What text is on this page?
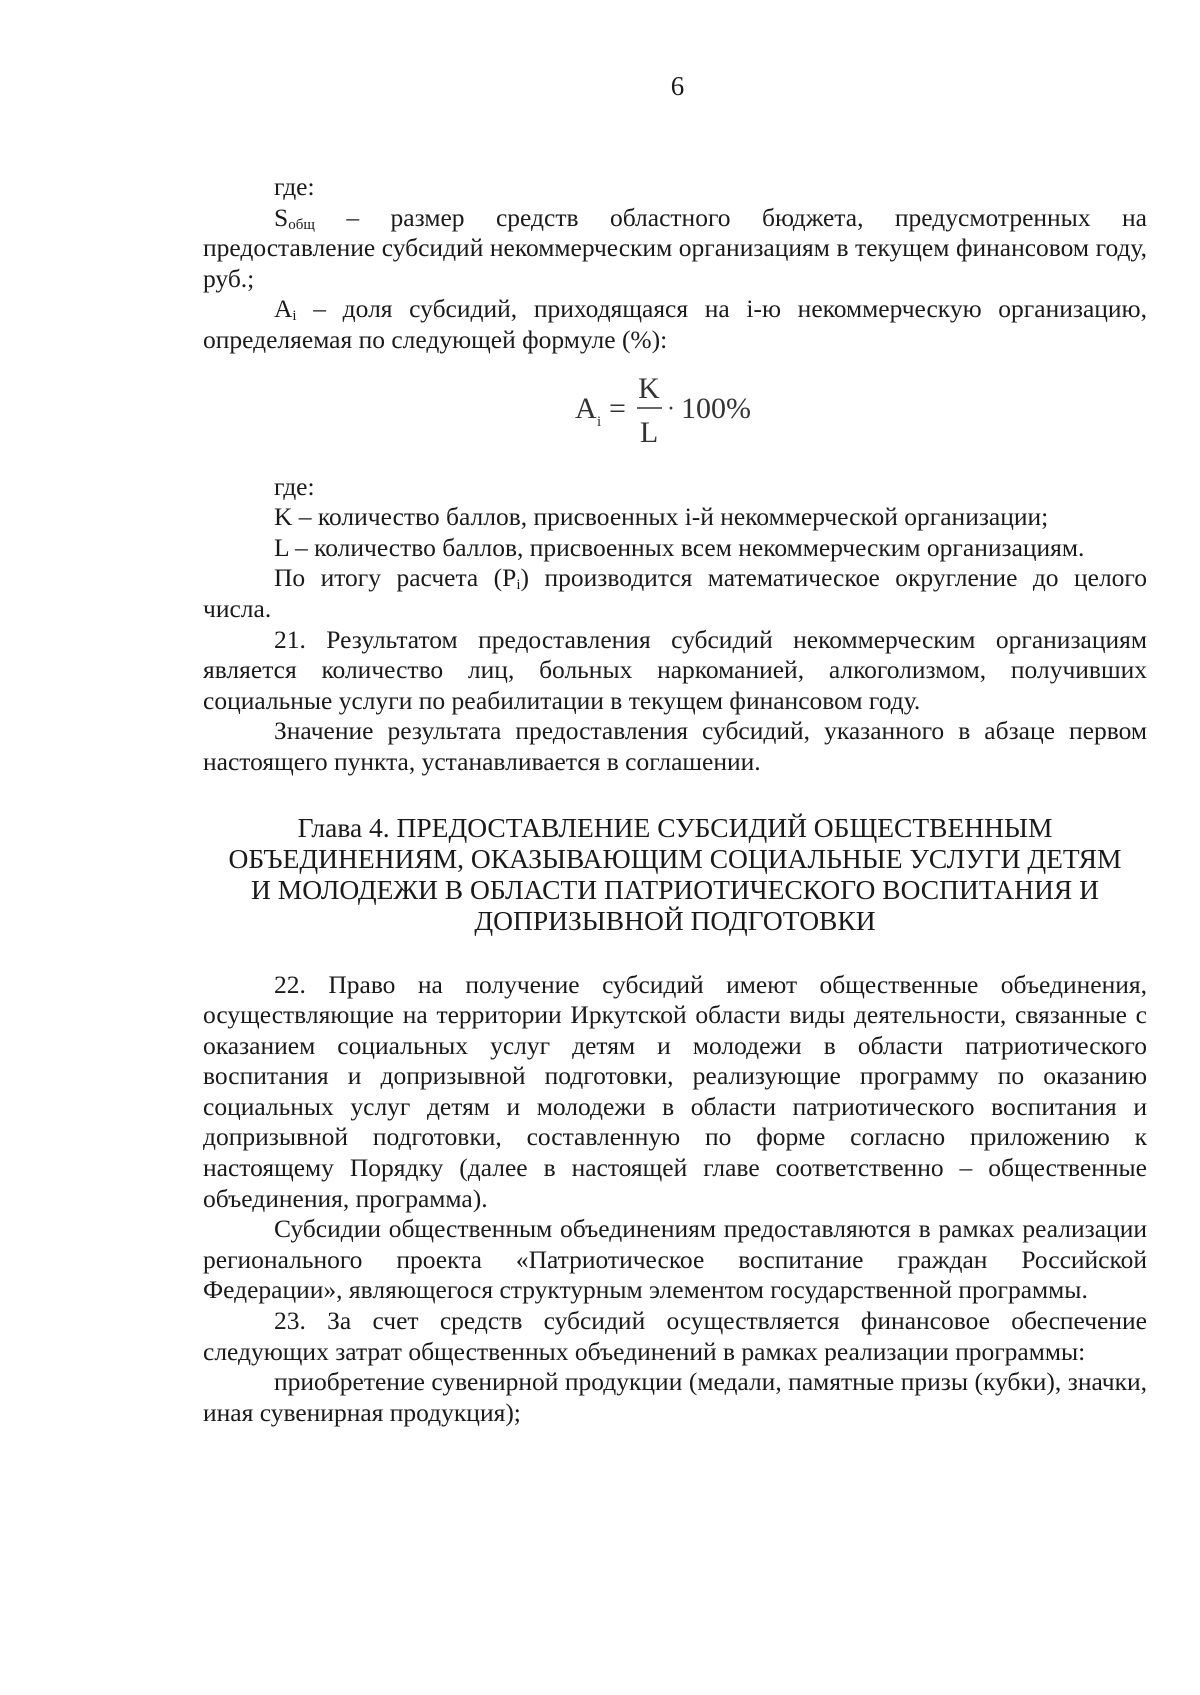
6

где:

$S_{общ}$ – размер средств областного бюджета, предусмотренных на предоставление субсидий некоммерческим организациям в текущем финансовом году, руб.;

$A_i$ – доля субсидий, приходящаяся на i-ю некоммерческую организацию, определяемая по следующей формуле (%):

A i =
K
L
· 100%

где:

K – количество баллов, присвоенных i-й некоммерческой организации;

L – количество баллов, присвоенных всем некоммерческим организациям.

По итогу расчета $(P_i)$ производится математическое округление до целого числа.

21. Результатом предоставления субсидий некоммерческим организациям является количество лиц, больных наркоманией, алкоголизмом, получивших социальные услуги по реабилитации в текущем финансовом году.

Значение результата предоставления субсидий, указанного в абзаце первом настоящего пункта, устанавливается в соглашении.

Глава 4. ПРЕДОСТАВЛЕНИЕ СУБСИДИЙ ОБЩЕСТВЕННЫМ
ОБЪЕДИНЕНИЯМ, ОКАЗЫВАЮЩИМ СОЦИАЛЬНЫЕ УСЛУГИ ДЕТЯМ
И МОЛОДЕЖИ В ОБЛАСТИ ПАТРИОТИЧЕСКОГО ВОСПИТАНИЯ И
ДОПРИЗЫВНОЙ ПОДГОТОВКИ

22. Право на получение субсидий имеют общественные объединения, осуществляющие на территории Иркутской области виды деятельности, связанные с оказанием социальных услуг детям и молодежи в области патриотического воспитания и допризывной подготовки, реализующие программу по оказанию социальных услуг детям и молодежи в области патриотического воспитания и допризывной подготовки, составленную по форме согласно приложению к настоящему Порядку (далее в настоящей главе соответственно – общественные объединения, программа).

Субсидии общественным объединениям предоставляются в рамках реализации регионального проекта «Патриотическое воспитание граждан Российской Федерации», являющегося структурным элементом государственной программы.

23. За счет средств субсидий осуществляется финансовое обеспечение следующих затрат общественных объединений в рамках реализации программы:

приобретение сувенирной продукции (медали, памятные призы (кубки), значки, иная сувенирная продукция);
